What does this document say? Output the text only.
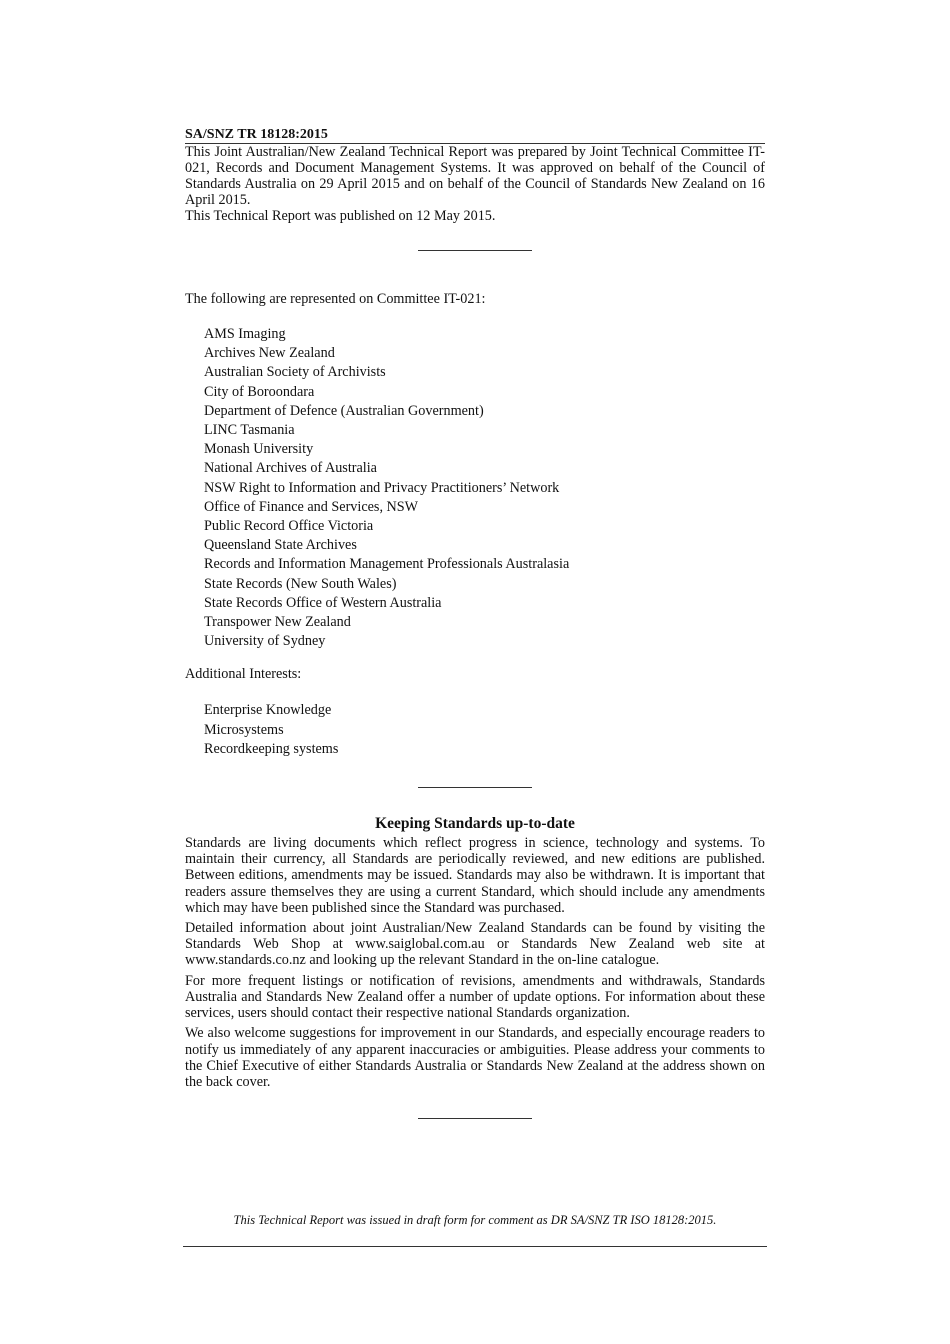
SA/SNZ TR 18128:2015

This Joint Australian/New Zealand Technical Report was prepared by Joint Technical Committee IT-021, Records and Document Management Systems. It was approved on behalf of the Council of Standards Australia on 29 April 2015 and on behalf of the Council of Standards New Zealand on 16 April 2015.

This Technical Report was published on 12 May 2015.

The following are represented on Committee IT-021:
AMS Imaging
Archives New Zealand
Australian Society of Archivists
City of Boroondara
Department of Defence (Australian Government)
LINC Tasmania
Monash University
National Archives of Australia
NSW Right to Information and Privacy Practitioners’ Network
Office of Finance and Services, NSW
Public Record Office Victoria
Queensland State Archives
Records and Information Management Professionals Australasia
State Records (New South Wales)
State Records Office of Western Australia
Transpower New Zealand
University of Sydney
Additional Interests:
Enterprise Knowledge
Microsystems
Recordkeeping systems
Keeping Standards up-to-date

Standards are living documents which reflect progress in science, technology and systems. To maintain their currency, all Standards are periodically reviewed, and new editions are published. Between editions, amendments may be issued. Standards may also be withdrawn. It is important that readers assure themselves they are using a current Standard, which should include any amendments which may have been published since the Standard was purchased.

Detailed information about joint Australian/New Zealand Standards can be found by visiting the Standards Web Shop at www.saiglobal.com.au or Standards New Zealand web site at www.standards.co.nz and looking up the relevant Standard in the on-line catalogue.

For more frequent listings or notification of revisions, amendments and withdrawals, Standards Australia and Standards New Zealand offer a number of update options. For information about these services, users should contact their respective national Standards organization.

We also welcome suggestions for improvement in our Standards, and especially encourage readers to notify us immediately of any apparent inaccuracies or ambiguities. Please address your comments to the Chief Executive of either Standards Australia or Standards New Zealand at the address shown on the back cover.

This Technical Report was issued in draft form for comment as DR SA/SNZ TR ISO 18128:2015.
